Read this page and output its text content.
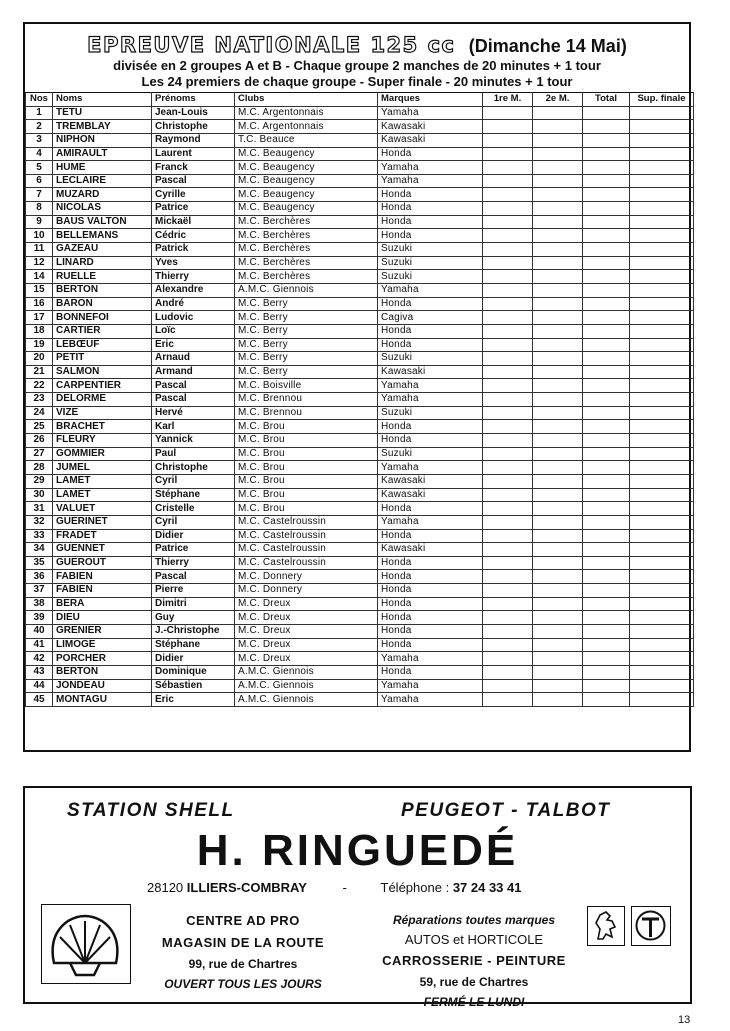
EPREUVE NATIONALE 125 cc (Dimanche 14 Mai)
divisée en 2 groupes A et B - Chaque groupe 2 manches de 20 minutes + 1 tour
Les 24 premiers de chaque groupe - Super finale - 20 minutes + 1 tour
Nos	Noms	Prénoms	Clubs	Marques	1re M.	2e M.	Total	Sup. finale
1	TETU	Jean-Louis	M.C. Argentonnais	Yamaha				
2	TREMBLAY	Christophe	M.C. Argentonnais	Kawasaki				
3	NIPHON	Raymond	T.C. Beauce	Kawasaki				
4	AMIRAULT	Laurent	M.C. Beaugency	Honda				
5	HUME	Franck	M.C. Beaugency	Yamaha				
6	LECLAIRE	Pascal	M.C. Beaugency	Yamaha				
7	MUZARD	Cyrille	M.C. Beaugency	Honda				
8	NICOLAS	Patrice	M.C. Beaugency	Honda				
9	BAUS VALTON	Mickaël	M.C. Berchères	Honda				
10	BELLEMANS	Cédric	M.C. Berchères	Honda				
11	GAZEAU	Patrick	M.C. Berchères	Suzuki				
12	LINARD	Yves	M.C. Berchères	Suzuki				
14	RUELLE	Thierry	M.C. Berchères	Suzuki				
15	BERTON	Alexandre	A.M.C. Giennois	Yamaha				
16	BARON	André	M.C. Berry	Honda				
17	BONNEFOI	Ludovic	M.C. Berry	Cagiva				
18	CARTIER	Loïc	M.C. Berry	Honda				
19	LEBŒUF	Eric	M.C. Berry	Honda				
20	PETIT	Arnaud	M.C. Berry	Suzuki				
21	SALMON	Armand	M.C. Berry	Kawasaki				
22	CARPENTIER	Pascal	M.C. Boisville	Yamaha				
23	DELORME	Pascal	M.C. Brennou	Yamaha				
24	VIZE	Hervé	M.C. Brennou	Suzuki				
25	BRACHET	Karl	M.C. Brou	Honda				
26	FLEURY	Yannick	M.C. Brou	Honda				
27	GOMMIER	Paul	M.C. Brou	Suzuki				
28	JUMEL	Christophe	M.C. Brou	Yamaha				
29	LAMET	Cyril	M.C. Brou	Kawasaki				
30	LAMET	Stéphane	M.C. Brou	Kawasaki				
31	VALUET	Cristelle	M.C. Brou	Honda				
32	GUERINET	Cyril	M.C. Castelroussin	Yamaha				
33	FRADET	Didier	M.C. Castelroussin	Honda				
34	GUENNET	Patrice	M.C. Castelroussin	Kawasaki				
35	GUEROUT	Thierry	M.C. Castelroussin	Honda				
36	FABIEN	Pascal	M.C. Donnery	Honda				
37	FABIEN	Pierre	M.C. Donnery	Honda				
38	BERA	Dimitri	M.C. Dreux	Honda				
39	DIEU	Guy	M.C. Dreux	Honda				
40	GRENIER	J.-Christophe	M.C. Dreux	Honda				
41	LIMOGE	Stéphane	M.C. Dreux	Honda				
42	PORCHER	Didier	M.C. Dreux	Yamaha				
43	BERTON	Dominique	A.M.C. Giennois	Honda				
44	JONDEAU	Sébastien	A.M.C. Giennois	Yamaha				
45	MONTAGU	Eric	A.M.C. Giennois	Yamaha				
STATION SHELL	PEUGEOT - TALBOT
H. RINGUEDÉ
28120 ILLIERS-COMBRAY	-	Téléphone : 37 24 33 41
CENTRE AD PRO
MAGASIN DE LA ROUTE
99, rue de Chartres
OUVERT TOUS LES JOURS
Réparations toutes marques
AUTOS et HORTICOLE
CARROSSERIE - PEINTURE
59, rue de Chartres
FERMÉ LE LUNDI
13
